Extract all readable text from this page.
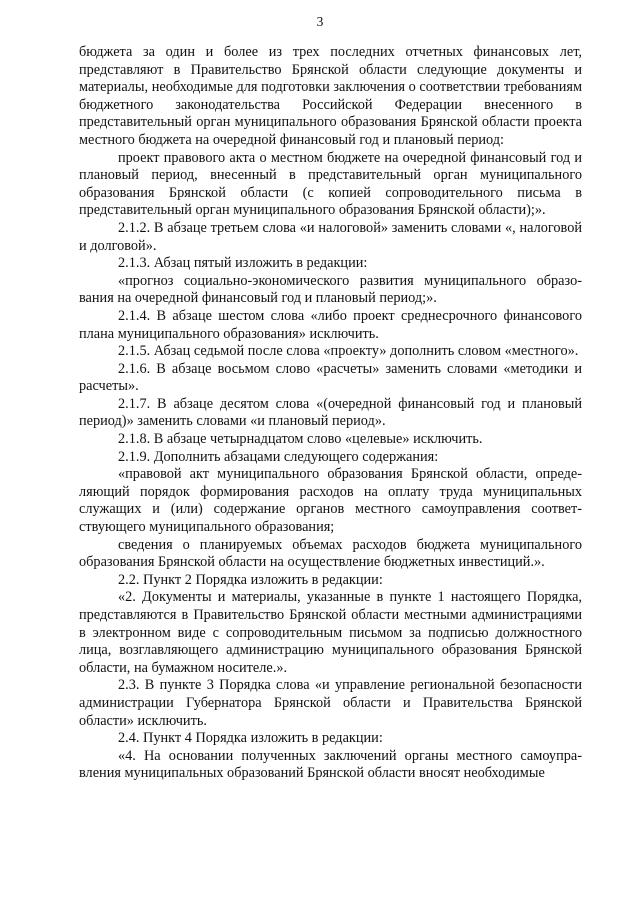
3

бюджета за один и более из трех последних отчетных финансовых лет, представляют в Правительство Брянской области следующие документы и материалы, необходимые для подготовки заключения о соответствии требованиям бюджетного законодательства Российской Федерации внесенного в представительный орган муниципального образования Брянской области проекта местного бюджета на очередной финансовый год и плановый период:

проект правового акта о местном бюджете на очередной финансовый год и плановый период, внесенный в представительный орган муниципального образования Брянской области (с копией сопроводительного письма в представительный орган муниципального образования Брянской области);».

2.1.2. В абзаце третьем слова «и налоговой» заменить словами «, налоговой и долговой».

2.1.3. Абзац пятый изложить в редакции:

«прогноз социально-экономического развития муниципального образования на очередной финансовый год и плановый период;».

2.1.4. В абзаце шестом слова «либо проект среднесрочного финансового плана муниципального образования» исключить.

2.1.5. Абзац седьмой после слова «проекту» дополнить словом «местного».

2.1.6. В абзаце восьмом слово «расчеты» заменить словами «методики и расчеты».

2.1.7. В абзаце десятом слова «(очередной финансовый год и плановый период)» заменить словами «и плановый период».

2.1.8. В абзаце четырнадцатом слово «целевые» исключить.

2.1.9. Дополнить абзацами следующего содержания:

«правовой акт муниципального образования Брянской области, определяющий порядок формирования расходов на оплату труда муниципальных служащих и (или) содержание органов местного самоуправления соответствующего муниципального образования;

сведения о планируемых объемах расходов бюджета муниципального образования Брянской области на осуществление бюджетных инвестиций.».

2.2. Пункт 2 Порядка изложить в редакции:

«2. Документы и материалы, указанные в пункте 1 настоящего Порядка, представляются в Правительство Брянской области местными администрациями в электронном виде с сопроводительным письмом за подписью должностного лица, возглавляющего администрацию муниципального образования Брянской области, на бумажном носителе.».

2.3. В пункте 3 Порядка слова «и управление региональной безопасности администрации Губернатора Брянской области и Правительства Брянской области» исключить.

2.4. Пункт 4 Порядка изложить в редакции:

«4. На основании полученных заключений органы местного самоуправления муниципальных образований Брянской области вносят необходимые
